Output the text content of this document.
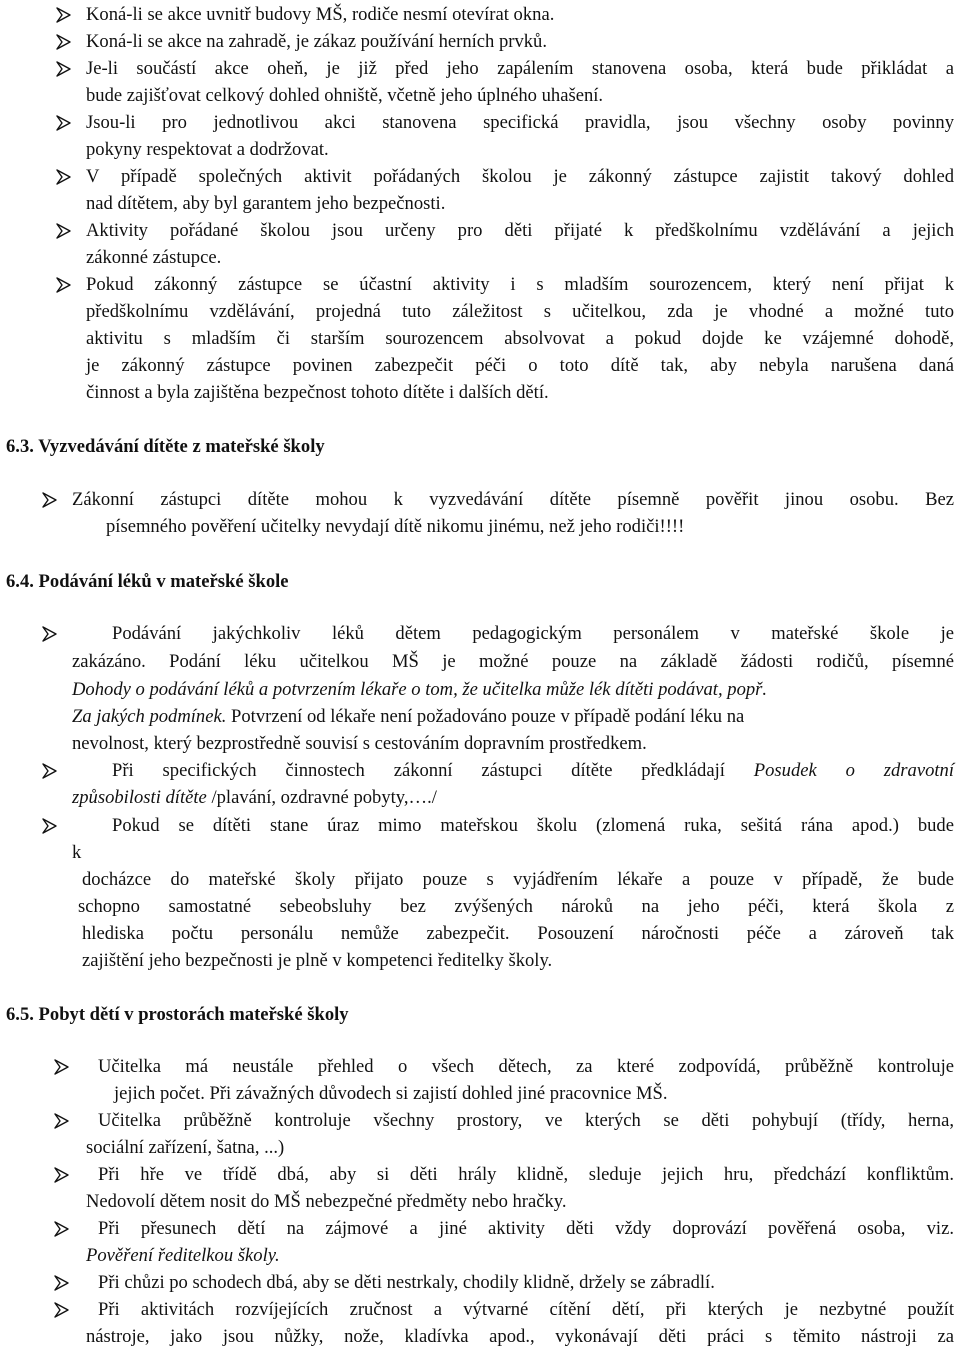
Koná-li se akce uvnitř budovy MŠ, rodiče nesmí otevírat okna.
Koná-li se akce na zahradě, je zákaz používání herních prvků.
Je-li součástí akce oheň, je již před jeho zapálením stanovena osoba, která bude přikládat a
bude zajišťovat celkový dohled ohniště, včetně jeho úplného uhašení.
Jsou-li pro jednotlivou akci stanovena specifická pravidla, jsou všechny osoby povinny
pokyny respektovat a dodržovat.
V případě společných aktivit pořádaných školou je zákonný zástupce zajistit takový dohled
nad dítětem, aby byl garantem jeho bezpečnosti.
Aktivity pořádané školou jsou určeny pro děti přijaté k předškolnímu vzdělávání a jejich
zákonné zástupce.
Pokud zákonný zástupce se účastní aktivity i s mladším sourozencem, který není přijat k
předškolnímu vzdělávání, projedná tuto záležitost s učitelkou, zda je vhodné a možné tuto
aktivitu s mladším či starším sourozencem absolvovat a pokud dojde ke vzájemné dohodě,
je zákonný zástupce povinen zabezpečit péči o toto dítě tak, aby nebyla narušena daná
činnost a byla zajištěna bezpečnost tohoto dítěte i dalších dětí.
6.3. Vyzvedávání dítěte z mateřské školy
Zákonní zástupci dítěte mohou k vyzvedávání dítěte písemně pověřit jinou osobu. Bez
písemného pověření učitelky nevydají dítě nikomu jinému, než jeho rodiči!!!!
6.4. Podávání léků v mateřské škole
Podávání jakýchkoliv léků dětem pedagogickým personálem v mateřské škole je
zakázáno. Podání léku učitelkou MŠ je možné pouze na základě žádosti rodičů, písemné
Dohody o podávání léků a potvrzením lékaře o tom, že učitelka může lék dítěti podávat, popř.
Za jakých podmínek. Potvrzení od lékaře není požadováno pouze v případě podání léku na
nevolnost, který bezprostředně souvisí s cestováním dopravním prostředkem.
Při specifických činnostech zákonní zástupci dítěte předkládají Posudek o zdravotní
způsobilosti dítěte /plavání, ozdravné pobyty,…./
Pokud se dítěti stane úraz mimo mateřskou školu (zlomená ruka, sešitá rána apod.) bude
k
docházce do mateřské školy přijato pouze s vyjádřením lékaře a pouze v případě, že bude
schopno samostatné sebeobsluhy bez zvýšených nároků na jeho péči, která škola z
hlediska počtu personálu nemůže zabezpečit. Posouzení náročnosti péče a zároveň tak
zajištění jeho bezpečnosti je plně v kompetenci ředitelky školy.
6.5. Pobyt dětí v prostorách mateřské školy
Učitelka má neustále přehled o všech dětech, za které zodpovídá, průběžně kontroluje
jejich počet. Při závažných důvodech si zajistí dohled jiné pracovnice MŠ.
Učitelka průběžně kontroluje všechny prostory, ve kterých se děti pohybují (třídy, herna,
sociální zařízení, šatna, ...)
Při hře ve třídě dbá, aby si děti hrály klidně, sleduje jejich hru, předchází konfliktům.
Nedovolí dětem nosit do MŠ nebezpečné předměty nebo hračky.
Při přesunech dětí na zájmové a jiné aktivity děti vždy doprovází pověřená osoba, viz.
Pověření ředitelkou školy.
Při chůzi po schodech dbá, aby se děti nestrkaly, chodily klidně, držely se zábradlí.
Při aktivitách rozvíjejících zručnost a výtvarné cítění dětí, při kterých je nezbytné použít
nástroje, jako jsou nůžky, nože, kladívka apod., vykonávají děti práci s těmito nástroji za
